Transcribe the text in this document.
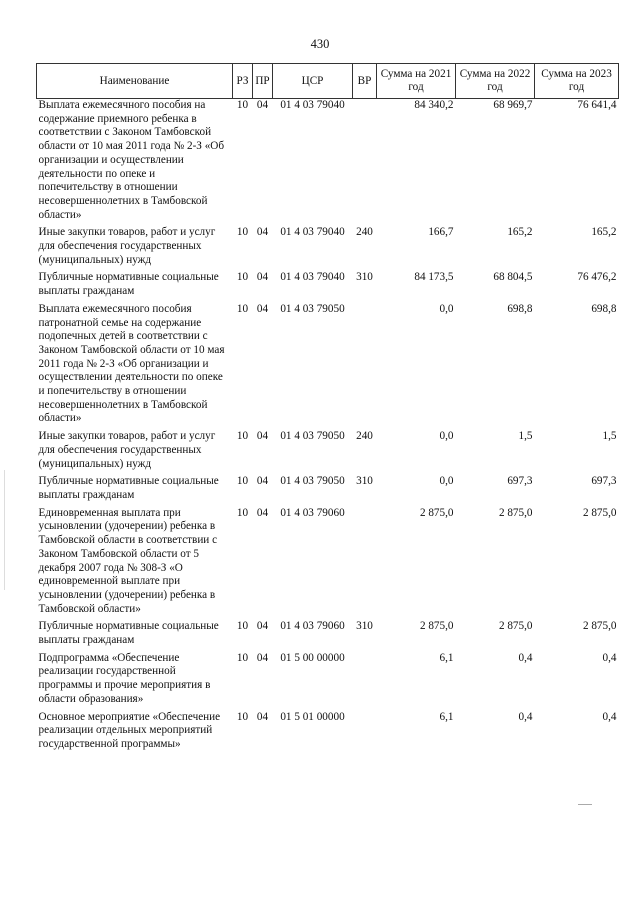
430
Наименование	РЗ	ПР	ЦСР	ВР	Сумма на 2021 год	Сумма на 2022 год	Сумма на 2023 год
Выплата ежемесячного пособия на содержание приемного ребенка в соответствии с Законом Тамбовской области от 10 мая 2011 года № 2-З «Об организации и осуществлении деятельности по опеке и попечительству в отношении несовершеннолетних в Тамбовской области»	10	04	01 4 03 79040		84 340,2	68 969,7	76 641,4
Иные закупки товаров, работ и услуг для обеспечения государственных (муниципальных) нужд	10	04	01 4 03 79040	240	166,7	165,2	165,2
Публичные нормативные социальные выплаты гражданам	10	04	01 4 03 79040	310	84 173,5	68 804,5	76 476,2
Выплата ежемесячного пособия патронатной семье на содержание подопечных детей в соответствии с Законом Тамбовской области от 10 мая 2011 года № 2-З «Об организации и осуществлении деятельности по опеке и попечительству в отношении несовершеннолетних в Тамбовской области»	10	04	01 4 03 79050		0,0	698,8	698,8
Иные закупки товаров, работ и услуг для обеспечения государственных (муниципальных) нужд	10	04	01 4 03 79050	240	0,0	1,5	1,5
Публичные нормативные социальные выплаты гражданам	10	04	01 4 03 79050	310	0,0	697,3	697,3
Единовременная выплата при усыновлении (удочерении) ребенка в Тамбовской области в соответствии с Законом Тамбовской области от 5 декабря 2007 года № 308-З «О единовременной выплате при усыновлении (удочерении) ребенка в Тамбовской области»	10	04	01 4 03 79060		2 875,0	2 875,0	2 875,0
Публичные нормативные социальные выплаты гражданам	10	04	01 4 03 79060	310	2 875,0	2 875,0	2 875,0
Подпрограмма «Обеспечение реализации государственной программы и прочие мероприятия в области образования»	10	04	01 5 00 00000		6,1	0,4	0,4
Основное мероприятие «Обеспечение реализации отдельных мероприятий государственной программы»	10	04	01 5 01 00000		6,1	0,4	0,4
